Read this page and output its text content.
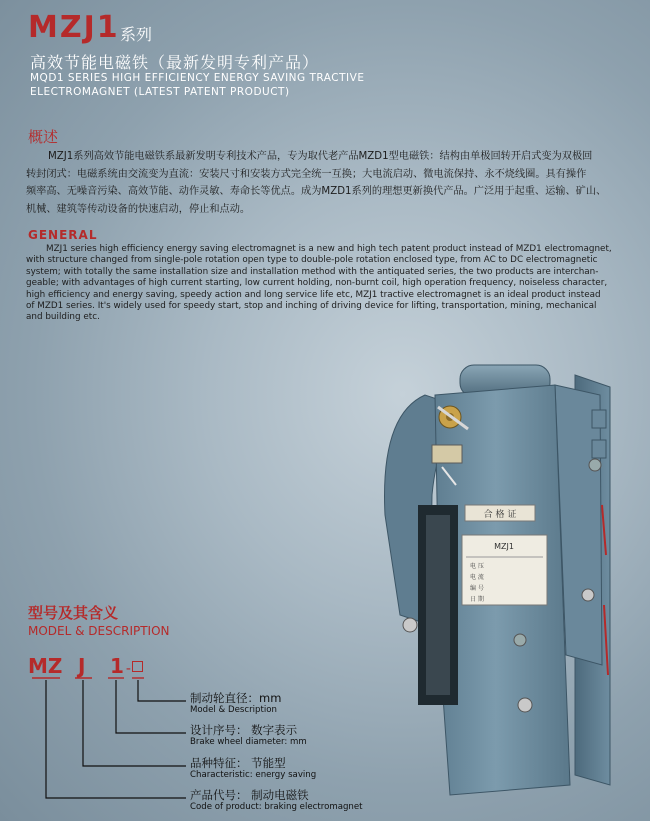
MZJ1 系列
高效节能电磁铁（最新发明专利产品）
MQD1 SERIES HIGH EFFICIENCY ENERGY SAVING TRACTIVE
ELECTROMAGNET (LATEST PATENT PRODUCT)
概述
MZJ1系列高效节能电磁铁系最新发明专利技术产品，专为取代老产品MZD1型电磁铁：结构由单极回转开启式变为双极回
转封闭式：电磁系统由交流变为直流：安装尺寸和安装方式完全统一互换；大电流启动、微电流保持、永不烧线圈。具有操作
频率高、无噪音污染、高效节能、动作灵敏、寿命长等优点。成为MZD1系列的理想更新换代产品。广泛用于起重、运输、矿山、
机械、建筑等传动设备的快速启动，停止和点动。
GENERAL
MZJ1 series high efficiency energy saving electromagnet is a new and high tech patent product instead of MZD1 electromagnet,
with structure changed from single-pole rotation open type to double-pole rotation enclosed type, from AC to DC electromagnetic
system; with totally the same installation size and installation method with the antiquated series, the two products are interchan-
geable; with advantages of high current starting, low current holding, non-burnt coil, high operation frequency, noiseless character,
high efficiency and energy saving, speedy action and long service life etc, MZJ1 tractive electromagnet is an ideal product instead
of MZD1 series. It's widely used for speedy start, stop and inching of driving device for lifting, transportation, mining, mechanical
and building etc.
合 格 证
MZJ1
电 压
电 流
编 号
日 期
型号及其含义
MODEL & DESCRIPTION
MZ J 1 -
制动轮直径：mm
Model & Description
设计序号： 数字表示
Brake wheel diameter: mm
品种特征： 节能型
Characteristic: energy saving
产品代号： 制动电磁铁
Code of product: braking electromagnet
